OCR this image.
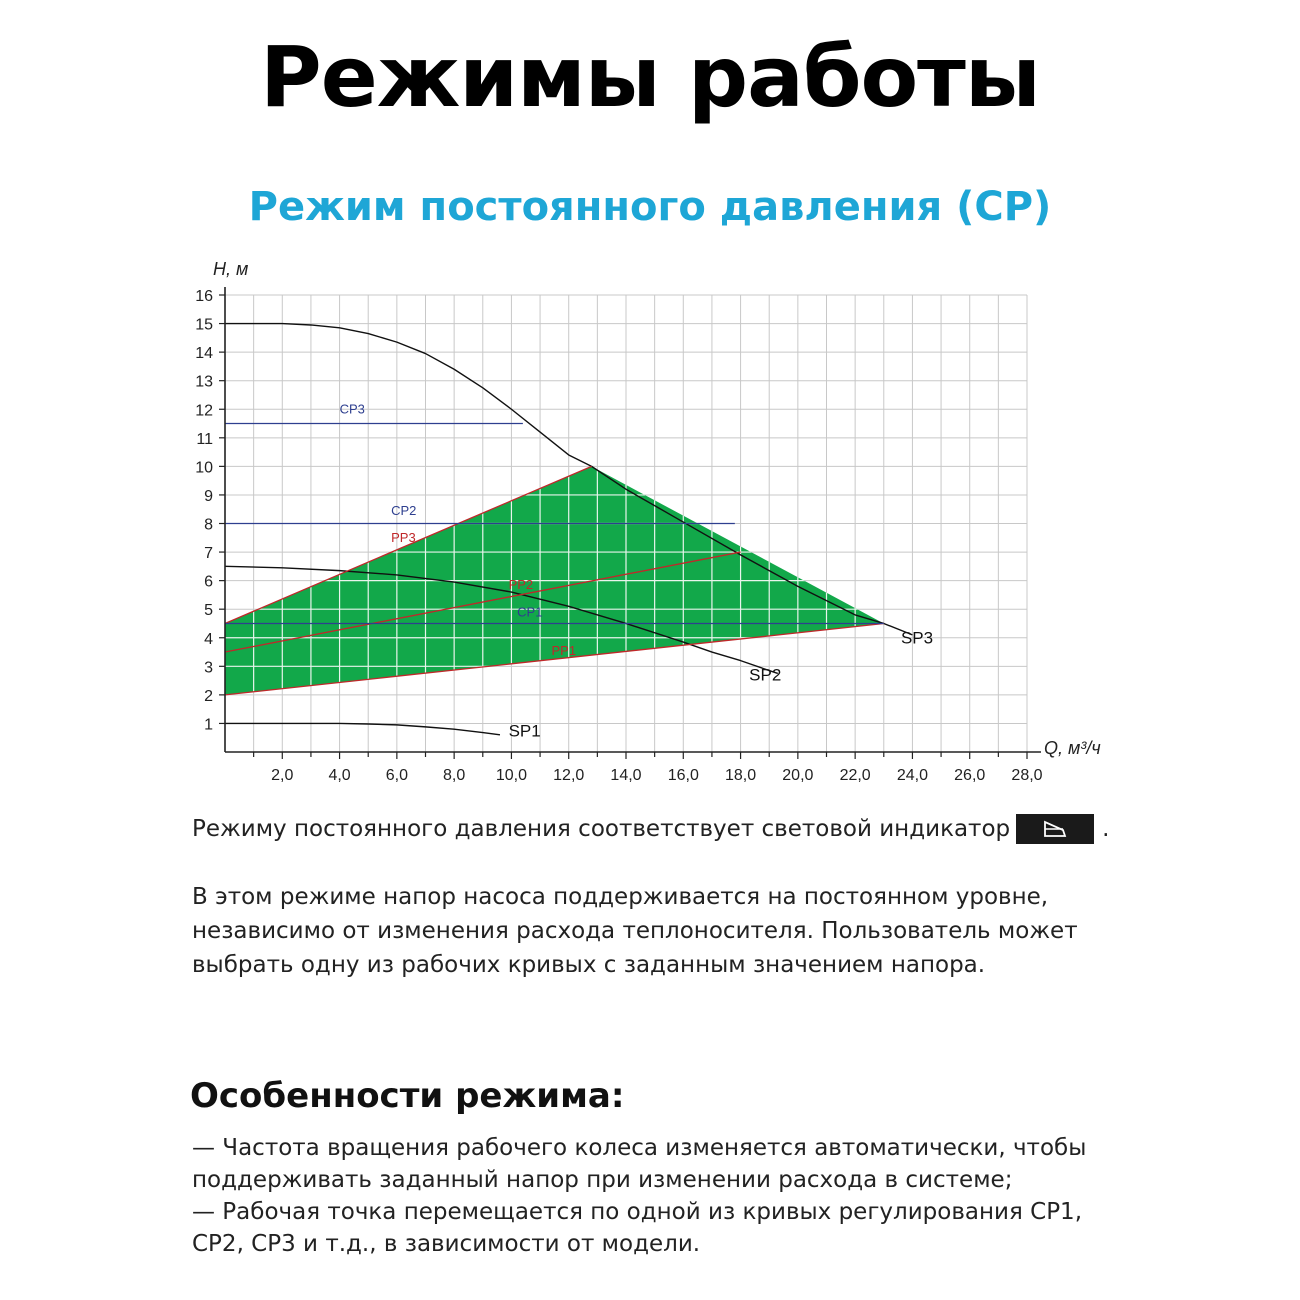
Режимы работы
Режим постоянного давления (CP)
1
2
3
4
5
6
7
8
9
10
11
12
13
14
15
16
2,0 4,0 6,0 8,0 10,0 12,0 14,0 16,0 18,0 20,0 22,0 24,0 26,0 28,0
H, м
Q, м³/ч
CP3
CP2
PP3
PP2
CP1
PP1
SP3
SP2
SP1
Режиму постоянного давления соответствует световой индикатор	.
В этом режиме напор насоса поддерживается на постоянном уровне, независимо от изменения расхода теплоносителя. Пользователь может выбрать одну из рабочих кривых с заданным значением напора.
Особенности режима:
— Частота вращения рабочего колеса изменяется автоматически, чтобы поддерживать заданный напор при изменении расхода в системе;
— Рабочая точка перемещается по одной из кривых регулирования CP1, CP2, CP3 и т.д., в зависимости от модели.
